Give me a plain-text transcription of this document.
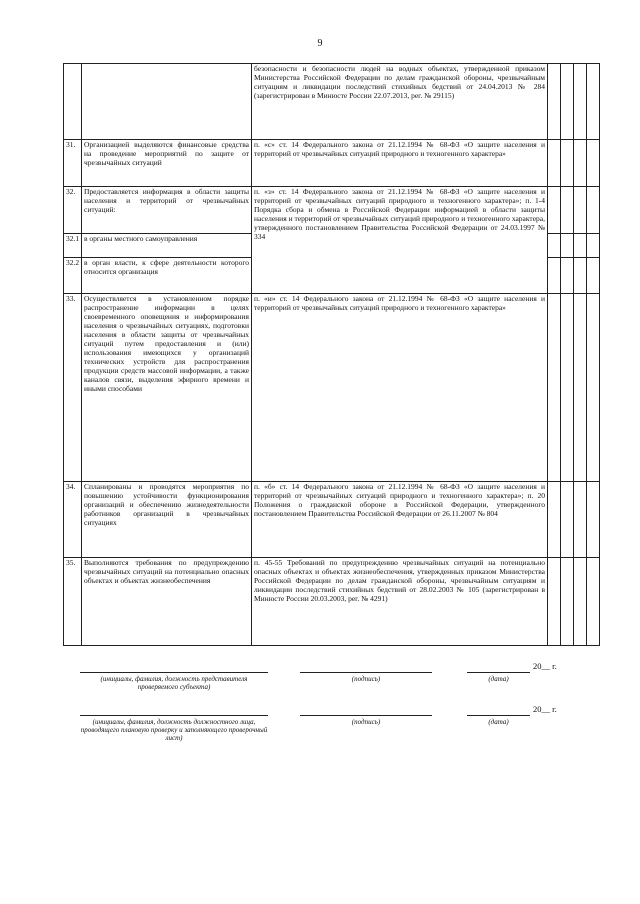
9
		безопасности и безопасности людей на водных объектах, утвержденной приказом Министерства Российской Федерации по делам гражданской обороны, чрезвычайным ситуациям и ликвидации последствий стихийных бедствий от 24.04.2013 № 284 (зарегистрирован в Минюсте России 22.07.2013, рег. № 29115)				
31.	Организацией выделяются финансовые средства на проведение мероприятий по защите от чрезвычайных ситуаций	п. «с» ст. 14 Федерального закона от 21.12.1994 № 68-ФЗ «О защите населения и территорий от чрезвычайных ситуаций природного и техногенного характера»				
32.	Предоставляется информация в области защиты населения и территорий от чрезвычайных ситуаций:	п. «з» ст. 14 Федерального закона от 21.12.1994 № 68-ФЗ «О защите населения и территорий от чрезвычайных ситуаций природного и техногенного характера»; п. 1-4 Порядка сбора и обмена в Российской Федерации информацией в области защиты населения и территорий от чрезвычайных ситуаций природного и техногенного характера, утвержденного постановлением Правительства Российской Федерации от 24.03.1997 № 334				
32.1	в органы местного самоуправления					
32.2	в орган власти, к сфере деятельности которого относится организация					
33.	Осуществляется в установленном порядке распространение информации в целях своевременного оповещения и информирования населения о чрезвычайных ситуациях, подготовки населения в области защиты от чрезвычайных ситуаций путем предоставления и (или) использования имеющихся у организаций технических устройств для распространения продукции средств массовой информации, а также каналов связи, выделения эфирного времени и иными способами	п. «и» ст. 14 Федерального закона от 21.12.1994 № 68-ФЗ «О защите населения и территорий от чрезвычайных ситуаций природного и техногенного характера»				
34.	Спланированы и проводятся мероприятия по повышению устойчивости функционирования организаций и обеспечению жизнедеятельности работников организаций в чрезвычайных ситуациях	п. «б» ст. 14 Федерального закона от 21.12.1994 № 68-ФЗ «О защите населения и территорий от чрезвычайных ситуаций природного и техногенного характера»; п. 20 Положения о гражданской обороне в Российской Федерации, утвержденного постановлением Правительства Российской Федерации от 26.11.2007 № 804				
35.	Выполняются требования по предупреждению чрезвычайных ситуаций на потенциально опасных объектах и объектах жизнеобеспечения	п. 45-55 Требований по предупреждению чрезвычайных ситуаций на потенциально опасных объектах и объектах жизнеобеспечения, утвержденных приказом Министерства Российской Федерации по делам гражданской обороны, чрезвычайным ситуациям и ликвидации последствий стихийных бедствий от 28.02.2003 № 105 (зарегистрирован в Минюсте России 20.03.2003, рег. № 4291)				
(инициалы, фамилия, должность представителя проверяемого субъекта)
(подпись)	(дата)
20__ г.
(инициалы, фамилия, должность должностного лица, проводящего плановую проверку и заполняющего проверочный лист)
(подпись)	(дата)
20__ г.
